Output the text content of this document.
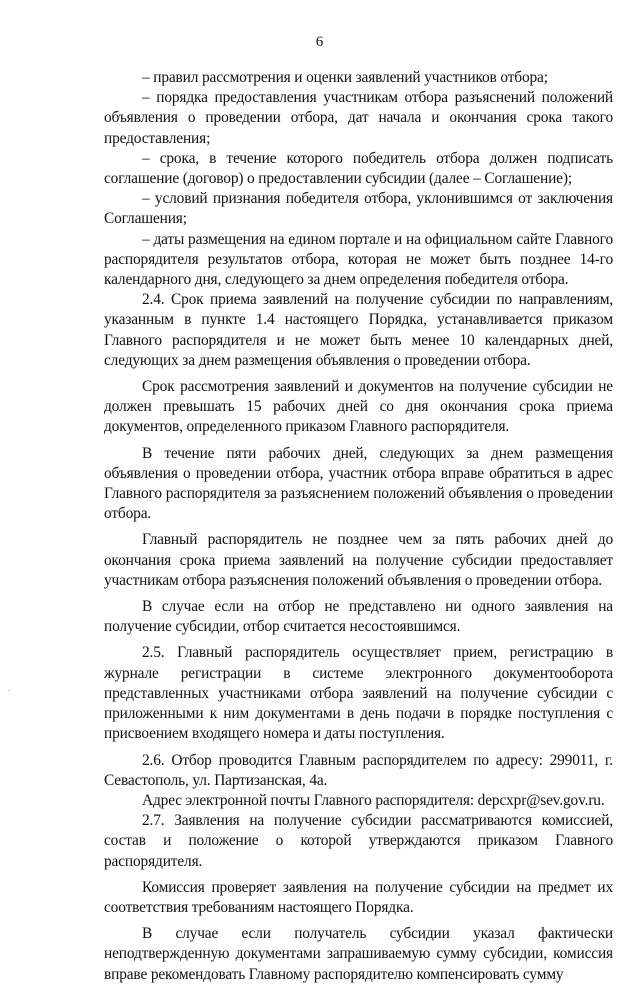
6

– правил рассмотрения и оценки заявлений участников отбора;

– порядка предоставления участникам отбора разъяснений положений объявления о проведении отбора, дат начала и окончания срока такого предоставления;

– срока, в течение которого победитель отбора должен подписать соглашение (договор) о предоставлении субсидии (далее – Соглашение);

– условий признания победителя отбора, уклонившимся от заключения Соглашения;

– даты размещения на едином портале и на официальном сайте Главного распорядителя результатов отбора, которая не может быть позднее 14-го календарного дня, следующего за днем определения победителя отбора.

2.4. Срок приема заявлений на получение субсидии по направлениям, указанным в пункте 1.4 настоящего Порядка, устанавливается приказом Главного распорядителя и не может быть менее 10 календарных дней, следующих за днем размещения объявления о проведении отбора.

Срок рассмотрения заявлений и документов на получение субсидии не должен превышать 15 рабочих дней со дня окончания срока приема документов, определенного приказом Главного распорядителя.

В течение пяти рабочих дней, следующих за днем размещения объявления о проведении отбора, участник отбора вправе обратиться в адрес Главного распорядителя за разъяснением положений объявления о проведении отбора.

Главный распорядитель не позднее чем за пять рабочих дней до окончания срока приема заявлений на получение субсидии предоставляет участникам отбора разъяснения положений объявления о проведении отбора.

В случае если на отбор не представлено ни одного заявления на получение субсидии, отбор считается несостоявшимся.

2.5. Главный распорядитель осуществляет прием, регистрацию в журнале регистрации в системе электронного документооборота представленных участниками отбора заявлений на получение субсидии с приложенными к ним документами в день подачи в порядке поступления с присвоением входящего номера и даты поступления.

2.6. Отбор проводится Главным распорядителем по адресу: 299011, г. Севастополь, ул. Партизанская, 4а.

Адрес электронной почты Главного распорядителя: depcxpr@sev.gov.ru.

2.7. Заявления на получение субсидии рассматриваются комиссией, состав и положение о которой утверждаются приказом Главного распорядителя.

Комиссия проверяет заявления на получение субсидии на предмет их соответствия требованиям настоящего Порядка.

В случае если получатель субсидии указал фактически неподтвержденную документами запрашиваемую сумму субсидии, комиссия вправе рекомендовать Главному распорядителю компенсировать сумму
